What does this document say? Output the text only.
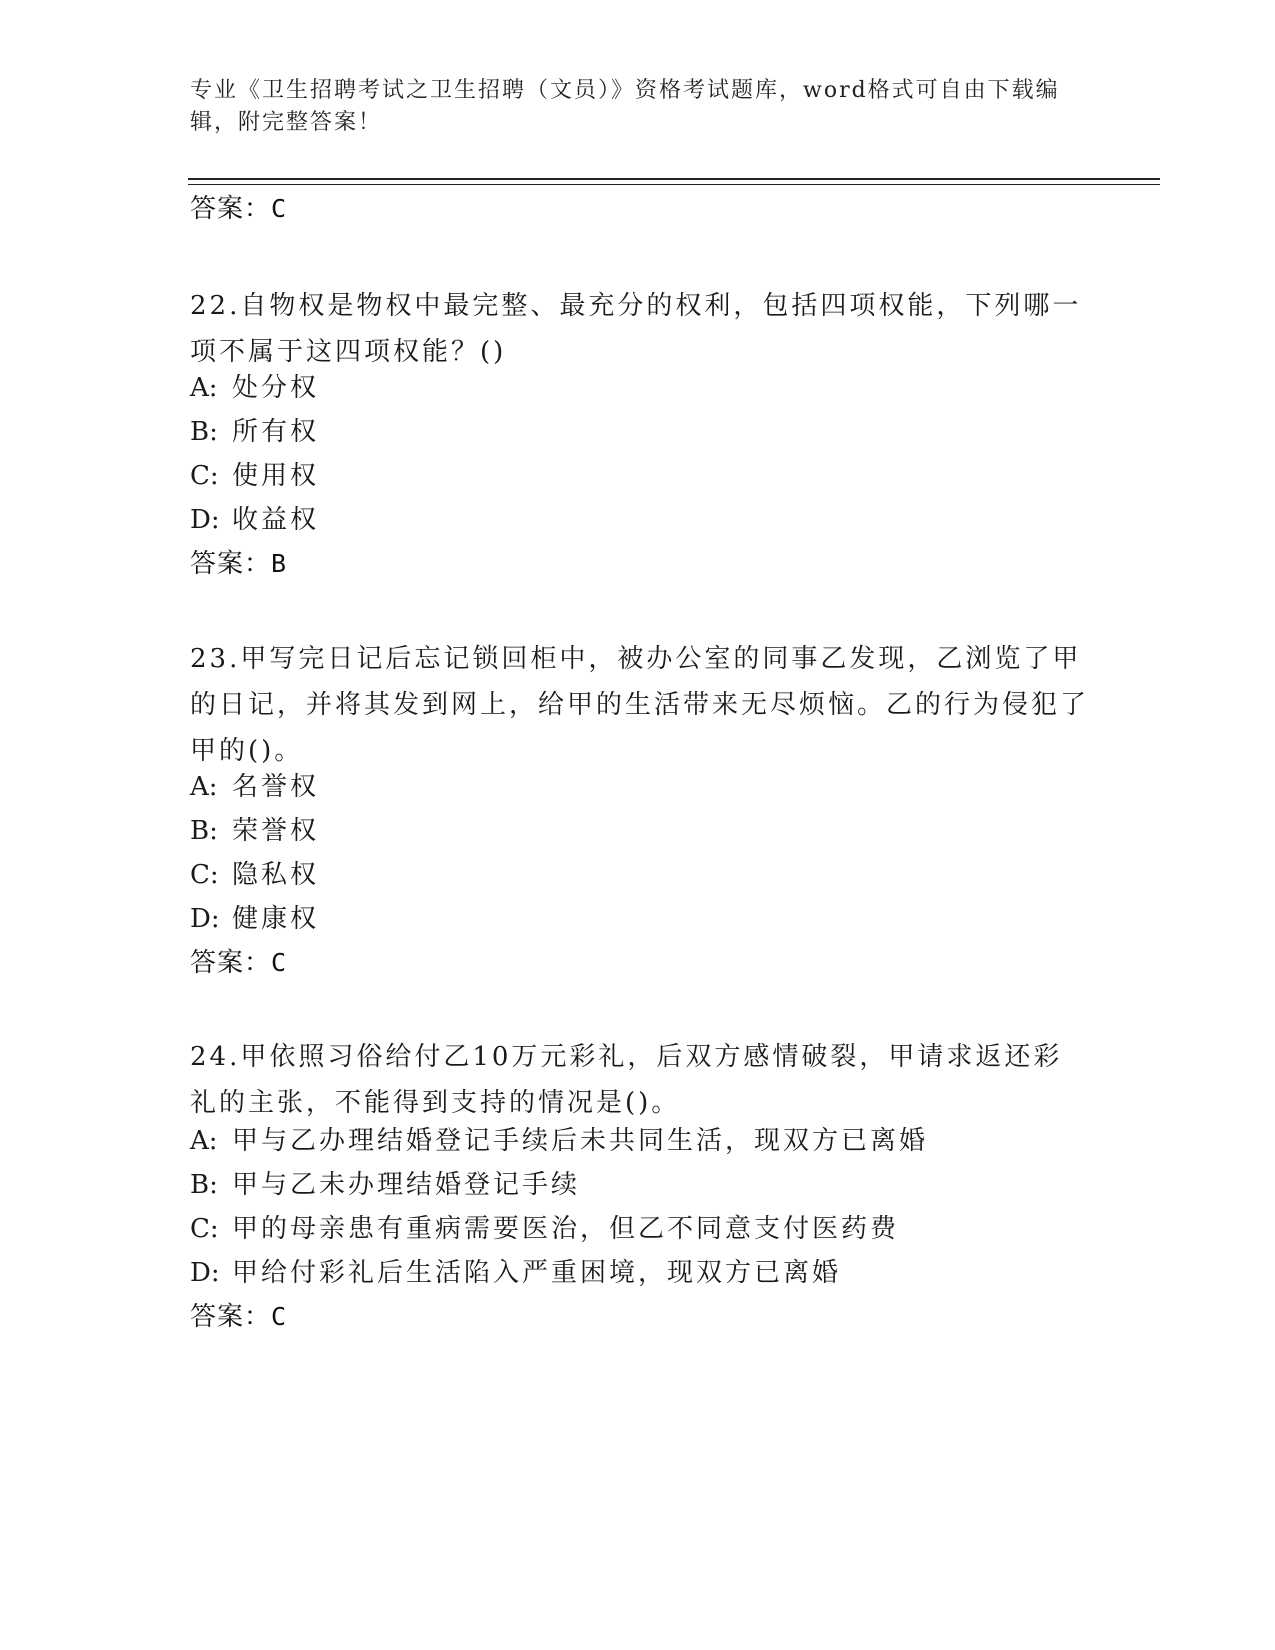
专业《卫生招聘考试之卫生招聘（文员）》资格考试题库，word格式可自由下载编辑，附完整答案！
答案：C
22.自物权是物权中最完整、最充分的权利，包括四项权能，下列哪一项不属于这四项权能？()
A: 处分权
B: 所有权
C: 使用权
D: 收益权
答案：B
23.甲写完日记后忘记锁回柜中，被办公室的同事乙发现，乙浏览了甲的日记，并将其发到网上，给甲的生活带来无尽烦恼。乙的行为侵犯了甲的()。
A: 名誉权
B: 荣誉权
C: 隐私权
D: 健康权
答案：C
24.甲依照习俗给付乙10万元彩礼，后双方感情破裂，甲请求返还彩礼的主张，不能得到支持的情况是()。
A: 甲与乙办理结婚登记手续后未共同生活，现双方已离婚
B: 甲与乙未办理结婚登记手续
C: 甲的母亲患有重病需要医治，但乙不同意支付医药费
D: 甲给付彩礼后生活陷入严重困境，现双方已离婚
答案：C
